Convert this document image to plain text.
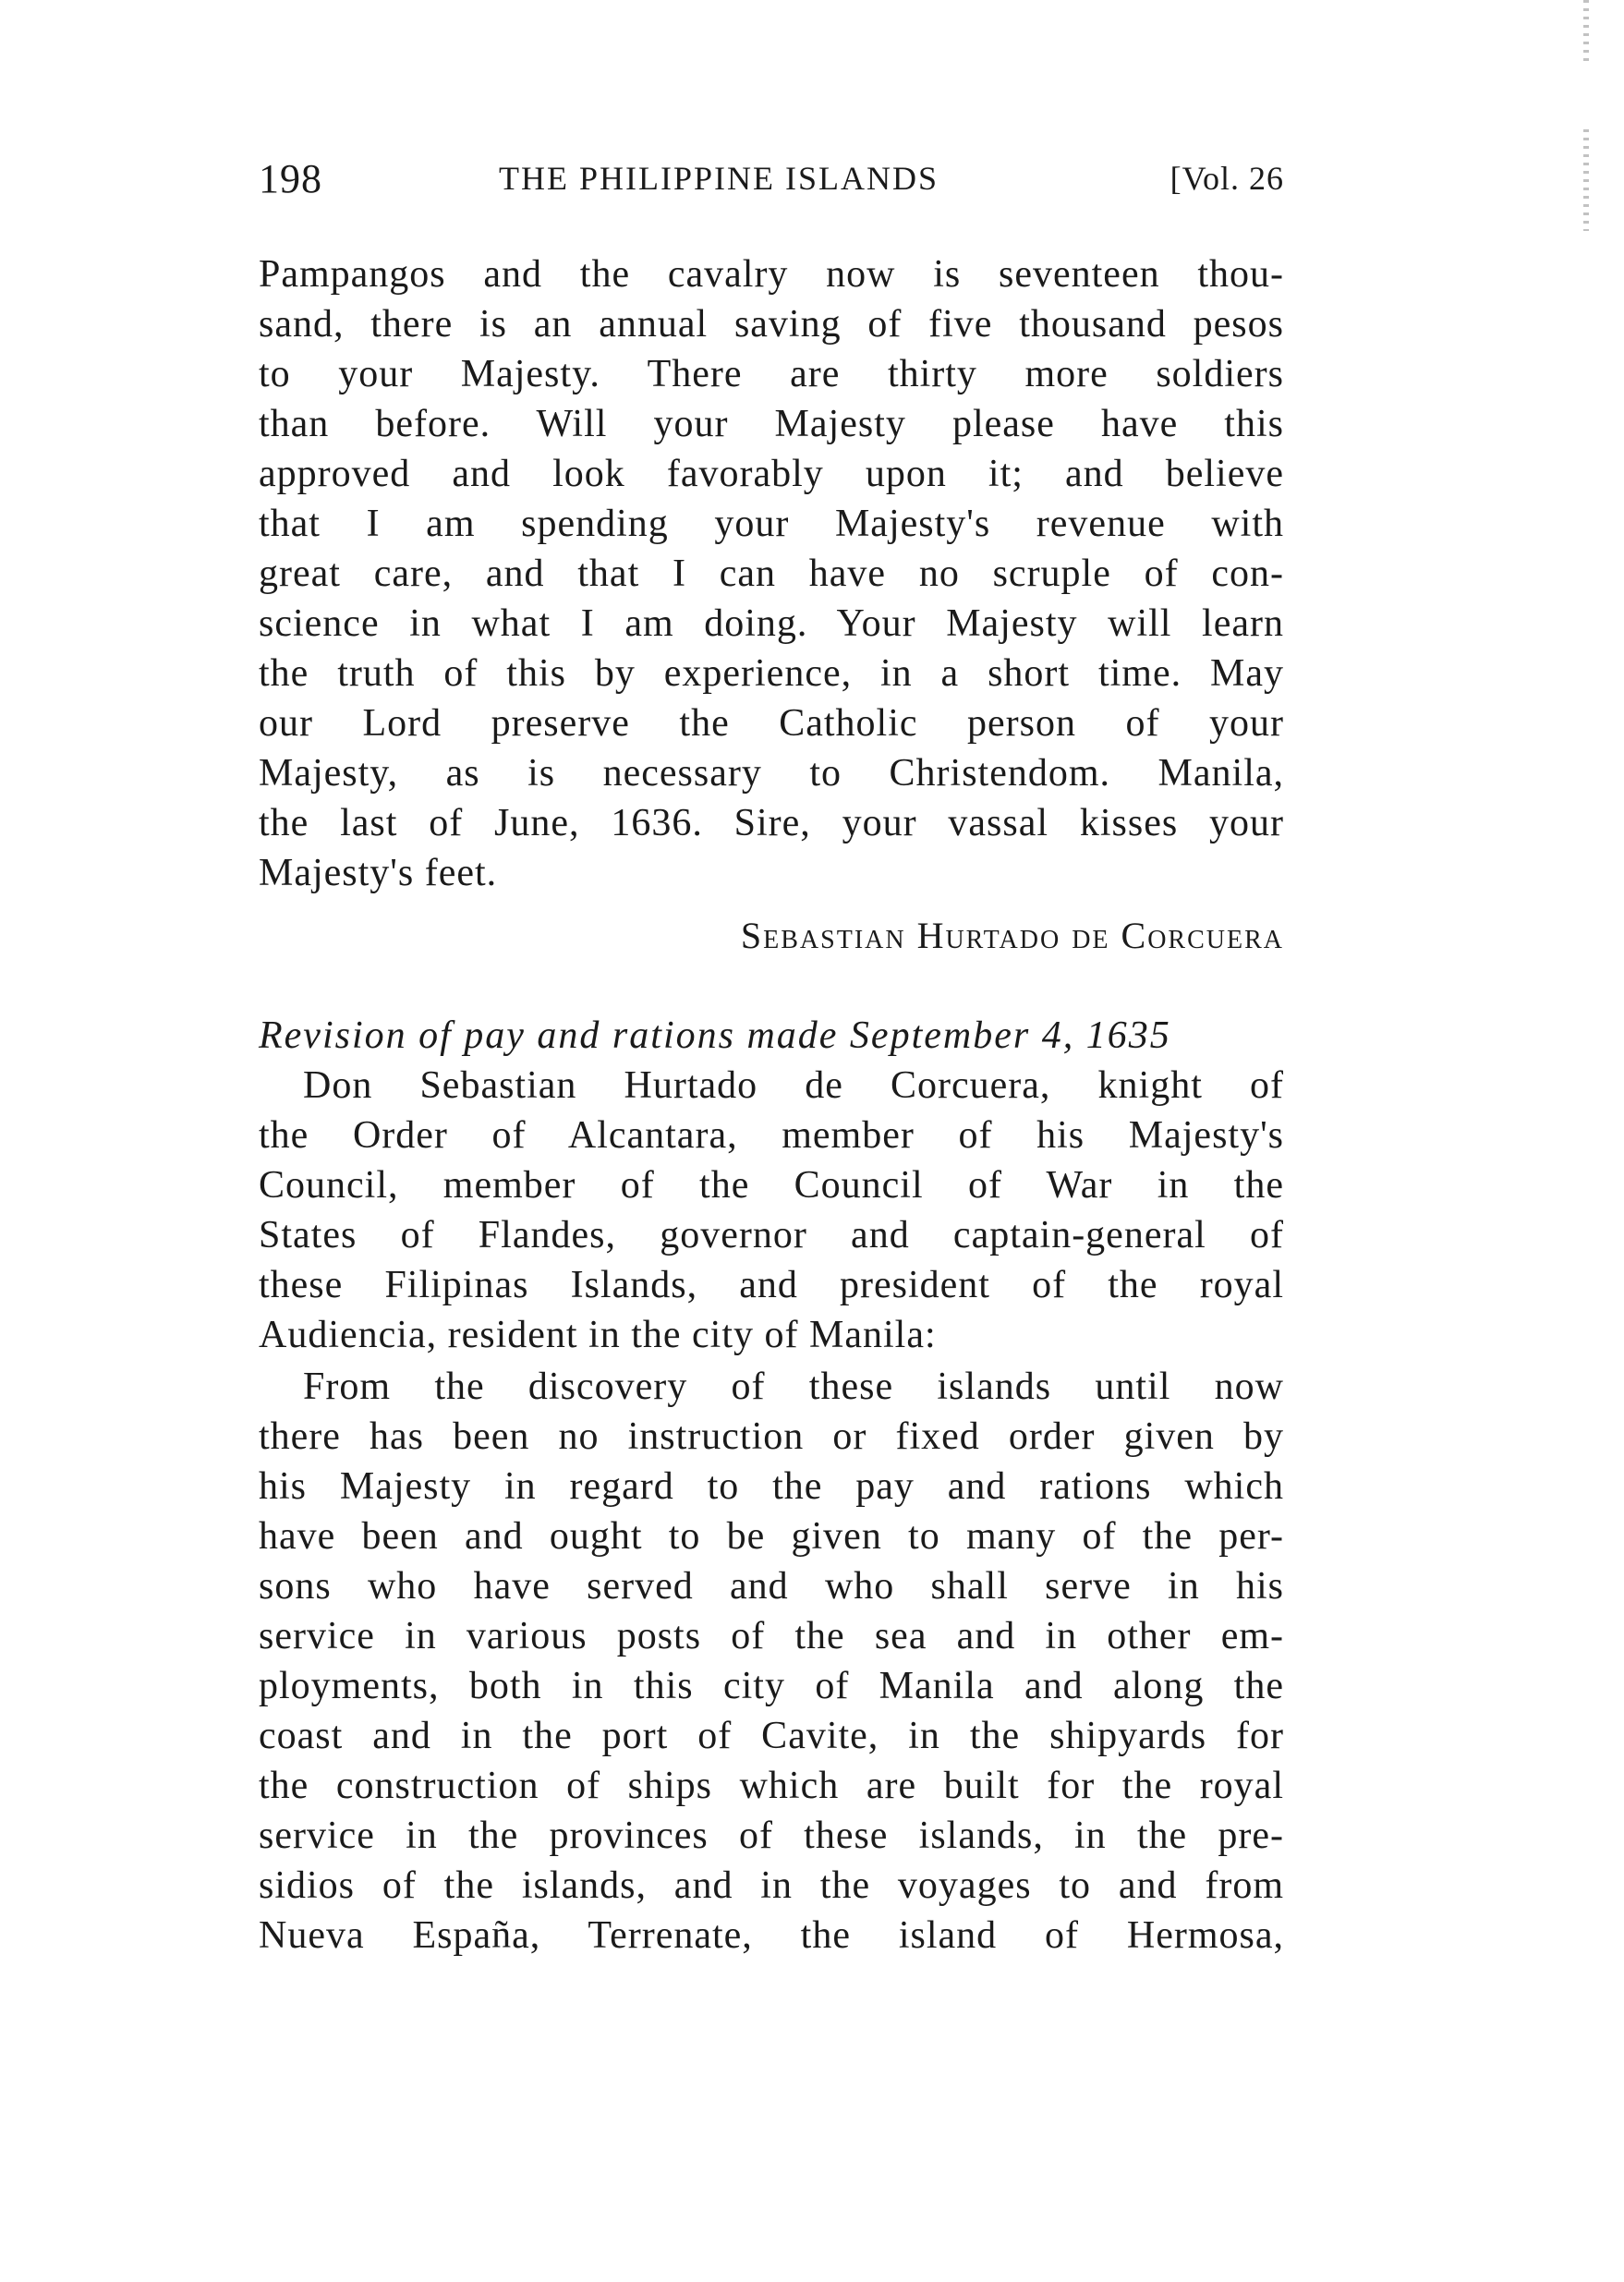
198	THE PHILIPPINE ISLANDS	[Vol. 26
Pampangos and the cavalry now is seventeen thou-
sand, there is an annual saving of five thousand pesos
to your Majesty. There are thirty more soldiers
than before. Will your Majesty please have this
approved and look favorably upon it; and believe
that I am spending your Majesty's revenue with
great care, and that I can have no scruple of con-
science in what I am doing. Your Majesty will learn
the truth of this by experience, in a short time. May
our Lord preserve the Catholic person of your
Majesty, as is necessary to Christendom. Manila,
the last of June, 1636. Sire, your vassal kisses your
Majesty's feet.
Sebastian Hurtado de Corcuera
Revision of pay and rations made September 4, 1635
Don Sebastian Hurtado de Corcuera, knight of
the Order of Alcantara, member of his Majesty's
Council, member of the Council of War in the
States of Flandes, governor and captain-general of
these Filipinas Islands, and president of the royal
Audiencia, resident in the city of Manila:
From the discovery of these islands until now
there has been no instruction or fixed order given by
his Majesty in regard to the pay and rations which
have been and ought to be given to many of the per-
sons who have served and who shall serve in his
service in various posts of the sea and in other em-
ployments, both in this city of Manila and along the
coast and in the port of Cavite, in the shipyards for
the construction of ships which are built for the royal
service in the provinces of these islands, in the pre-
sidios of the islands, and in the voyages to and from
Nueva España, Terrenate, the island of Hermosa,
